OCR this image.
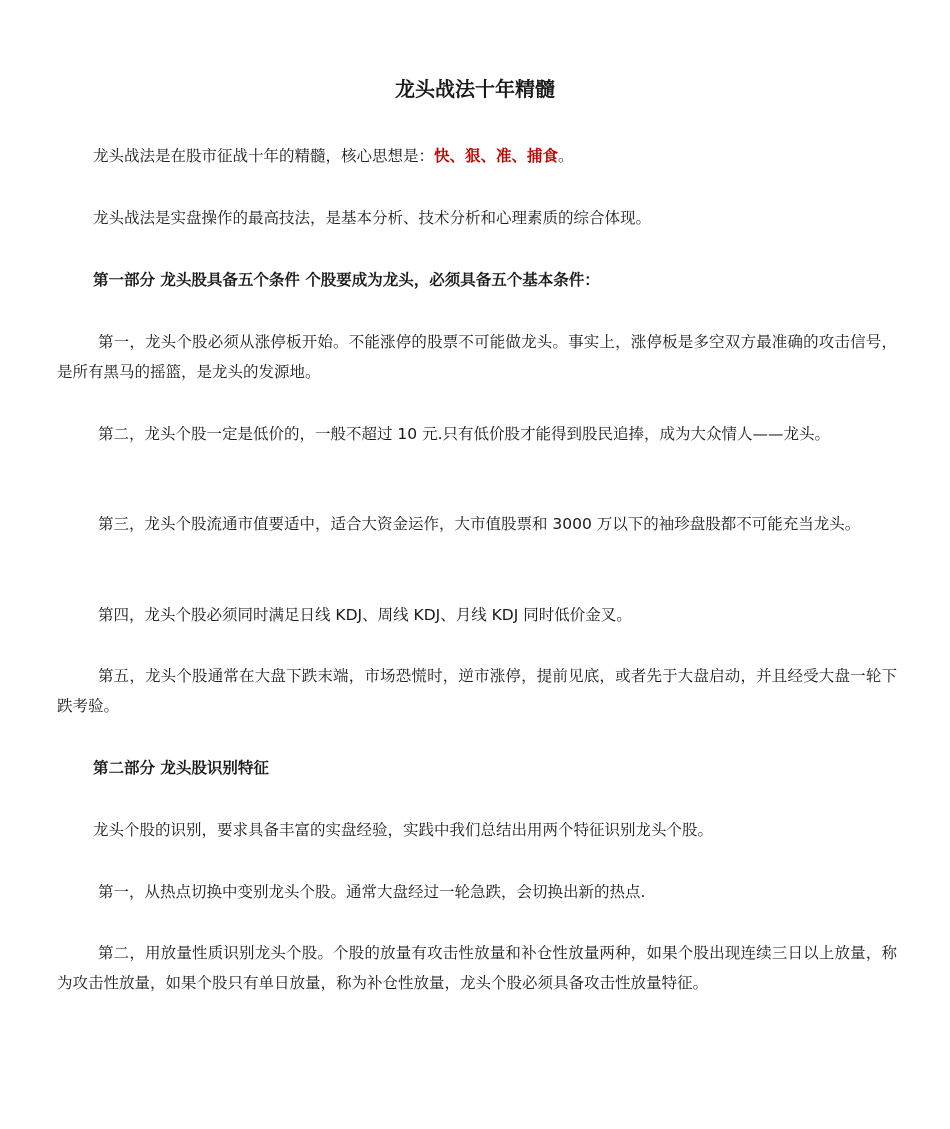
龙头战法十年精髓

龙头战法是在股市征战十年的精髓，核心思想是：快、狠、准、捕食。

龙头战法是实盘操作的最高技法，是基本分析、技术分析和心理素质的综合体现。

第一部分 龙头股具备五个条件 个股要成为龙头，必须具备五个基本条件：

第一，龙头个股必须从涨停板开始。不能涨停的股票不可能做龙头。事实上，涨停板是多空双方最准确的攻击信号，是所有黑马的摇篮，是龙头的发源地。

第二，龙头个股一定是低价的，一般不超过 10 元.只有低价股才能得到股民追捧，成为大众情人——龙头。

第三，龙头个股流通市值要适中，适合大资金运作，大市值股票和 3000 万以下的袖珍盘股都不可能充当龙头。

第四，龙头个股必须同时满足日线 KDJ、周线 KDJ、月线 KDJ 同时低价金叉。

第五，龙头个股通常在大盘下跌末端，市场恐慌时，逆市涨停，提前见底，或者先于大盘启动，并且经受大盘一轮下跌考验。

第二部分 龙头股识别特征

龙头个股的识别，要求具备丰富的实盘经验，实践中我们总结出用两个特征识别龙头个股。

第一，从热点切换中变别龙头个股。通常大盘经过一轮急跌，会切换出新的热点.

第二，用放量性质识别龙头个股。个股的放量有攻击性放量和补仓性放量两种，如果个股出现连续三日以上放量，称为攻击性放量，如果个股只有单日放量，称为补仓性放量，龙头个股必须具备攻击性放量特征。
